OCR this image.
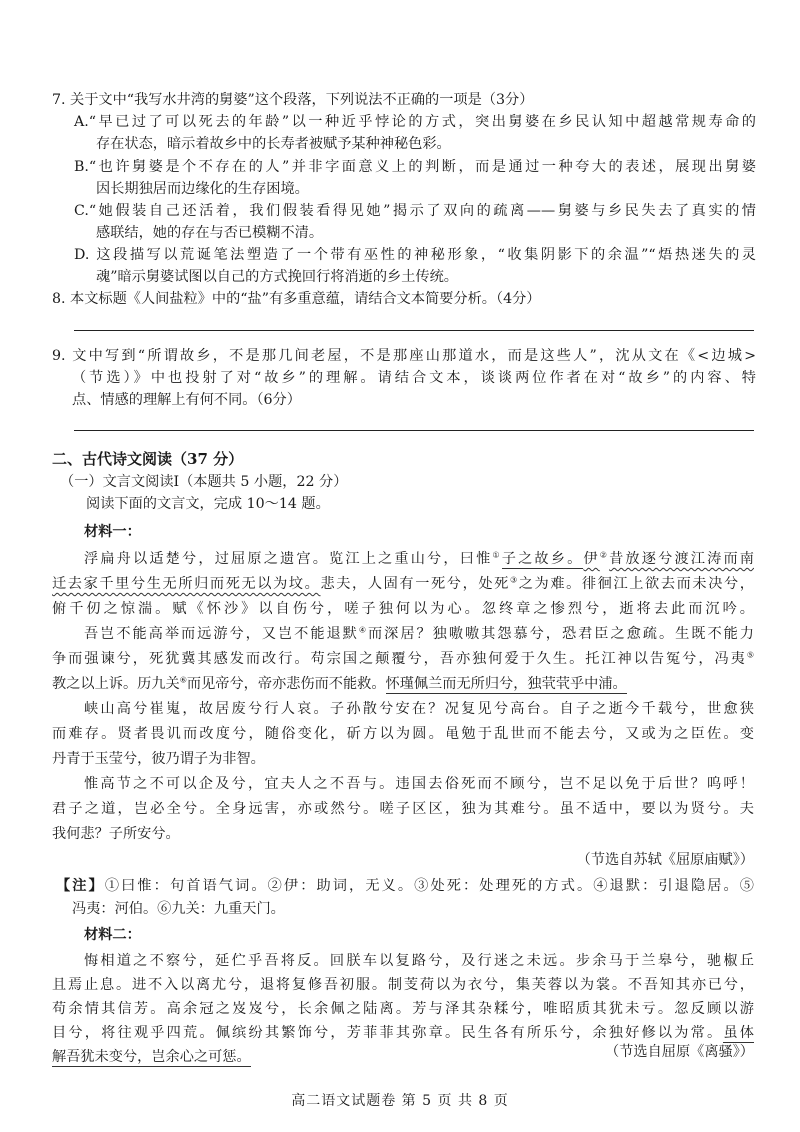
7. 关于文中“我写水井湾的舅婆”这个段落，下列说法不正确的一项是（3分）
A.“早已过了可以死去的年龄”以一种近乎悖论的方式，突出舅婆在乡民认知中超越常规寿命的
存在状态，暗示着故乡中的长寿者被赋予某种神秘色彩。
B.“也许舅婆是个不存在的人”并非字面意义上的判断，而是通过一种夸大的表述，展现出舅婆
因长期独居而边缘化的生存困境。
C.“她假装自己还活着，我们假装看得见她”揭示了双向的疏离——舅婆与乡民失去了真实的情
感联结，她的存在与否已模糊不清。
D. 这段描写以荒诞笔法塑造了一个带有巫性的神秘形象，“收集阴影下的余温”“焐热迷失的灵
魂”暗示舅婆试图以自己的方式挽回行将消逝的乡土传统。
8. 本文标题《人间盐粒》中的“盐”有多重意蕴，请结合文本简要分析。（4分）
9. 文中写到“所谓故乡，不是那几间老屋，不是那座山那道水，而是这些人”，沈从文在《<边城>
（节选）》中也投射了对“故乡”的理解。请结合文本，谈谈两位作者在对“故乡”的内容、特
点、情感的理解上有何不同。（6分）
二、古代诗文阅读（37 分）
（一）文言文阅读Ⅰ（本题共 5 小题，22 分）
阅读下面的文言文，完成 10～14 题。
材料一：
浮扁舟以适楚兮，过屈原之遗宫。览江上之重山兮，曰惟①子之故乡。伊②昔放逐兮渡江涛而南
迁去家千里兮生无所归而死无以为坟。悲夫，人固有一死兮，处死③之为难。徘徊江上欲去而未决兮，
俯千仞之惊湍。赋《怀沙》以自伤兮，嗟子独何以为心。忽终章之惨烈兮，逝将去此而沉吟。
吾岂不能高举而远游兮，又岂不能退默④而深居？独嗷嗷其怨慕兮，恐君臣之愈疏。生既不能力
争而强谏兮，死犹冀其感发而改行。苟宗国之颠覆兮，吾亦独何爱于久生。托江神以告冤兮，冯夷⑤
教之以上诉。历九关⑥而见帝兮，帝亦悲伤而不能救。怀瑾佩兰而无所归兮，独茕茕乎中浦。
峡山高兮崔嵬，故居废兮行人哀。子孙散兮安在？况复见兮高台。自子之逝今千载兮，世愈狭
而难存。贤者畏讥而改度兮，随俗变化，斫方以为圆。黾勉于乱世而不能去兮，又或为之臣佐。变
丹青于玉莹兮，彼乃谓子为非智。
惟高节之不可以企及兮，宜夫人之不吾与。违国去俗死而不顾兮，岂不足以免于后世？呜呼！
君子之道，岂必全兮。全身远害，亦或然兮。嗟子区区，独为其难兮。虽不适中，要以为贤兮。夫
我何悲？子所安兮。
（节选自苏轼《屈原庙赋》）
【注】①曰惟：句首语气词。②伊：助词，无义。③处死：处理死的方式。④退默：引退隐居。⑤
冯夷：河伯。⑥九关：九重天门。
材料二：
悔相道之不察兮，延伫乎吾将反。回朕车以复路兮，及行迷之未远。步余马于兰皋兮，驰椒丘
且焉止息。进不入以离尤兮，退将复修吾初服。制芰荷以为衣兮，集芙蓉以为裳。不吾知其亦已兮，
苟余情其信芳。高余冠之岌岌兮，长余佩之陆离。芳与泽其杂糅兮，唯昭质其犹未亏。忽反顾以游
目兮，将往观乎四荒。佩缤纷其繁饰兮，芳菲菲其弥章。民生各有所乐兮，余独好修以为常。虽体
解吾犹未变兮，岂余心之可惩。	（节选自屈原《离骚》）
高二语文试题卷 第 5 页 共 8 页
